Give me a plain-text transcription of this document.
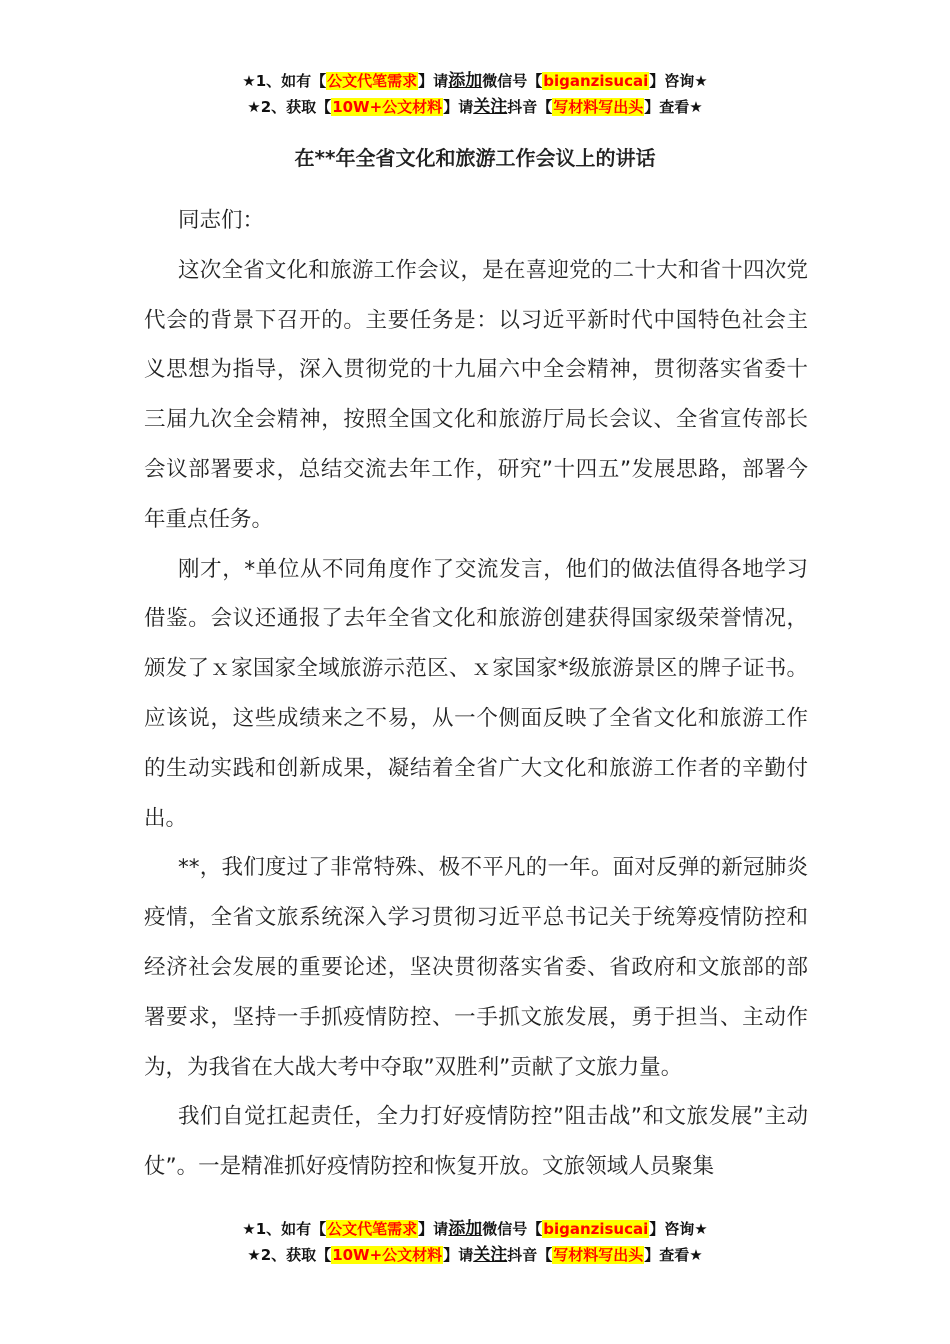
★1、如有【公文代笔需求】请添加微信号【biganzisucai】咨询★
★2、获取【10W+公文材料】请关注抖音【写材料写出头】查看★
在**年全省文化和旅游工作会议上的讲话

同志们：

这次全省文化和旅游工作会议，是在喜迎党的二十大和省十四次党代会的背景下召开的。主要任务是：以习近平新时代中国特色社会主义思想为指导，深入贯彻党的十九届六中全会精神，贯彻落实省委十三届九次全会精神，按照全国文化和旅游厅局长会议、全省宣传部长会议部署要求，总结交流去年工作，研究”十四五”发展思路，部署今年重点任务。

刚才，*单位从不同角度作了交流发言，他们的做法值得各地学习借鉴。会议还通报了去年全省文化和旅游创建获得国家级荣誉情况，颁发了ｘ家国家全域旅游示范区、ｘ家国家*级旅游景区的牌子证书。应该说，这些成绩来之不易，从一个侧面反映了全省文化和旅游工作的生动实践和创新成果，凝结着全省广大文化和旅游工作者的辛勤付出。

**，我们度过了非常特殊、极不平凡的一年。面对反弹的新冠肺炎疫情，全省文旅系统深入学习贯彻习近平总书记关于统筹疫情防控和经济社会发展的重要论述，坚决贯彻落实省委、省政府和文旅部的部署要求，坚持一手抓疫情防控、一手抓文旅发展，勇于担当、主动作为，为我省在大战大考中夺取”双胜利”贡献了文旅力量。

我们自觉扛起责任，全力打好疫情防控”阻击战”和文旅发展”主动仗”。一是精准抓好疫情防控和恢复开放。文旅领域人员聚集

★1、如有【公文代笔需求】请添加微信号【biganzisucai】咨询★
★2、获取【10W+公文材料】请关注抖音【写材料写出头】查看★
